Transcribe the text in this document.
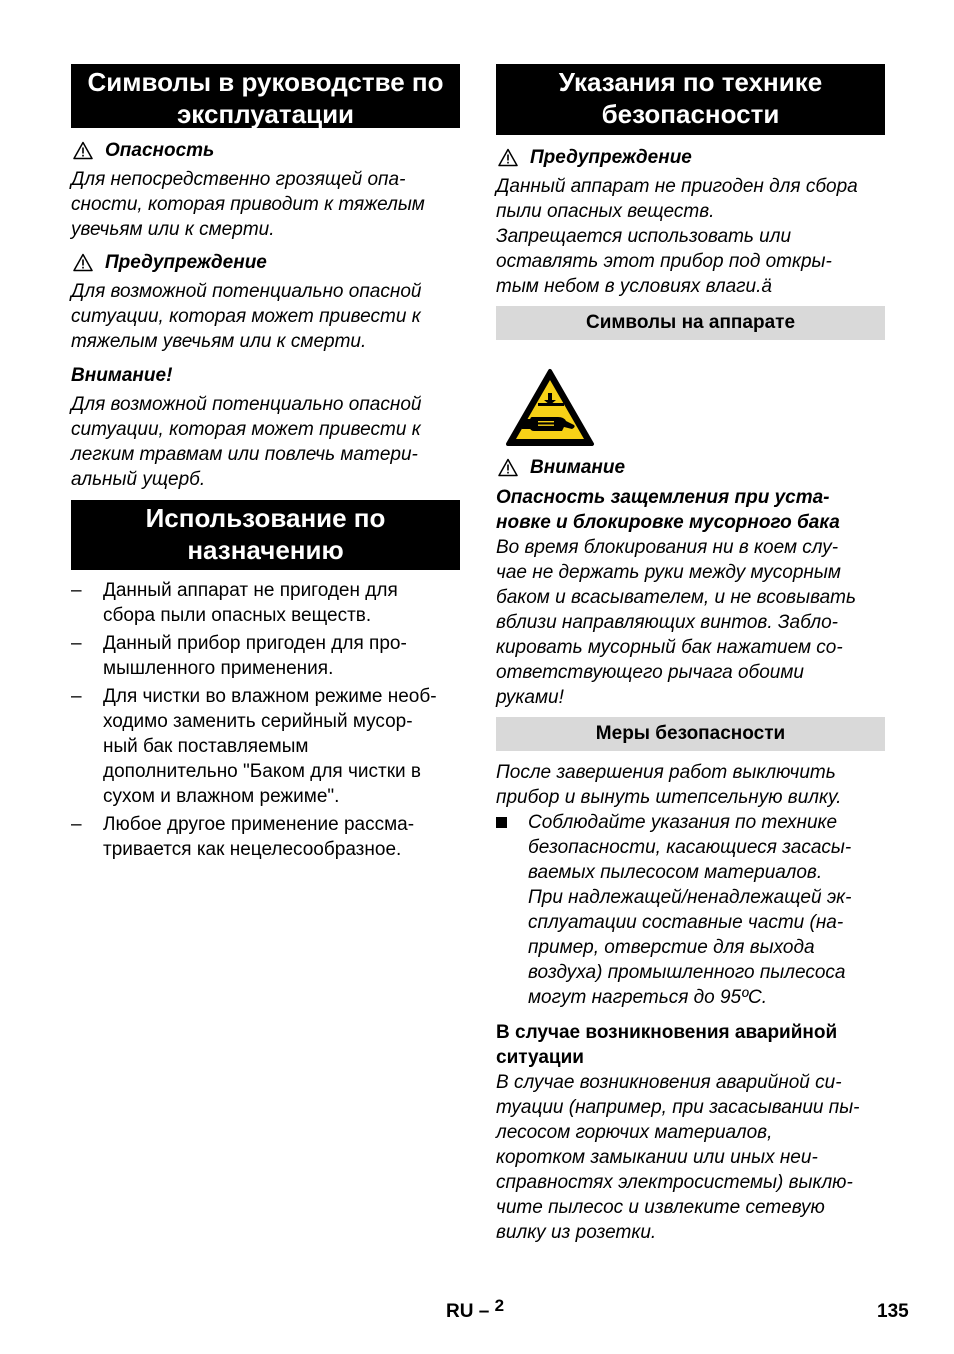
Символы в руководстве по эксплуатации
Опасность

Для непосредственно грозящей опа-
сности, которая приводит к тяжелым
увечьям или к смерти.

Предупреждение

Для возможной потенциально опасной
ситуации, которая может привести к
тяжелым увечьям или к смерти.

Внимание!

Для возможной потенциально опасной
ситуации, которая может привести к
легким травмам или повлечь матери-
альный ущерб.

Использование по назначению
–	Данный аппарат не пригоден для
сбора пыли опасных веществ.
–	Данный прибор пригоден для про-
мышленного применения.
–	Для чистки во влажном режиме необ-
ходимо заменить серийный мусор-
ный бак поставляемым
дополнительно "Баком для чистки в
сухом и влажном режиме".
–	Любое другое применение рассма-
тривается как нецелесообразное.
Указания по технике безопасности
Предупреждение

Данный аппарат не пригоден для сбора
пыли опасных веществ.
Запрещается использовать или
оставлять этот прибор под откры-
тым небом в условиях влаги.ä

Символы на аппарате
Внимание

Опасность защемления при уста-
новке и блокировке мусорного бака

Во время блокирования ни в коем слу-
чае не держать руки между мусорным
баком и всасывателем, и не всовывать
вблизи направляющих винтов. Забло-
кировать мусорный бак нажатием со-
ответствующего рычага обоими
руками!

Меры безопасности

После завершения работ выключить
прибор и вынуть штепсельную вилку.

Соблюдайте указания по технике
безопасности, касающиеся засасы-
ваемых пылесосом материалов.
При надлежащей/ненадлежащей эк-
сплуатации составные части (на-
пример, отверстие для выхода
воздуха) промышленного пылесоса
могут нагреться до 95ºC.

В случае возникновения аварийной
ситуации

В случае возникновения аварийной си-
туации (например, при засасывании пы-
лесосом горючих материалов,
коротком замыкании или иных неи-
справностях электросистемы) выклю-
чите пылесос и извлеките сетевую
вилку из розетки.

RU – 2	135
